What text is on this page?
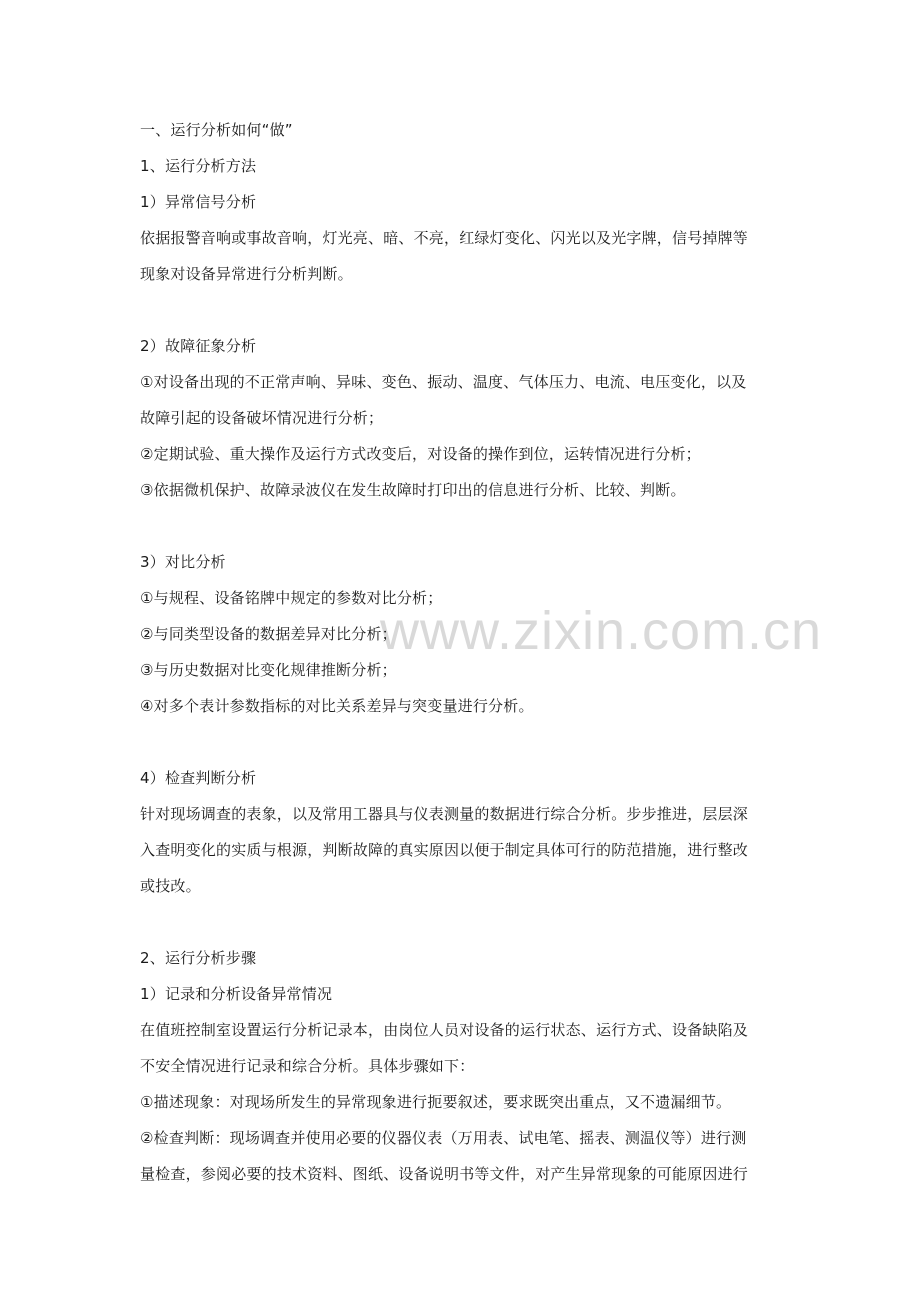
www.zixin.com.cn
一、运行分析如何“做”
1、运行分析方法
1）异常信号分析
依据报警音响或事故音响，灯光亮、暗、不亮，红绿灯变化、闪光以及光字牌，信号掉牌等
现象对设备异常进行分析判断。
2）故障征象分析
①对设备出现的不正常声响、异味、变色、振动、温度、气体压力、电流、电压变化，以及
故障引起的设备破坏情况进行分析；
②定期试验、重大操作及运行方式改变后，对设备的操作到位，运转情况进行分析；
③依据微机保护、故障录波仪在发生故障时打印出的信息进行分析、比较、判断。
3）对比分析
①与规程、设备铭牌中规定的参数对比分析；
②与同类型设备的数据差异对比分析；
③与历史数据对比变化规律推断分析；
④对多个表计参数指标的对比关系差异与突变量进行分析。
4）检查判断分析
针对现场调查的表象，以及常用工器具与仪表测量的数据进行综合分析。步步推进，层层深
入查明变化的实质与根源，判断故障的真实原因以便于制定具体可行的防范措施，进行整改
或技改。
2、运行分析步骤
1）记录和分析设备异常情况
在值班控制室设置运行分析记录本，由岗位人员对设备的运行状态、运行方式、设备缺陷及
不安全情况进行记录和综合分析。具体步骤如下：
①描述现象：对现场所发生的异常现象进行扼要叙述，要求既突出重点，又不遗漏细节。
②检查判断：现场调查并使用必要的仪器仪表（万用表、试电笔、摇表、测温仪等）进行测
量检查，参阅必要的技术资料、图纸、设备说明书等文件，对产生异常现象的可能原因进行
